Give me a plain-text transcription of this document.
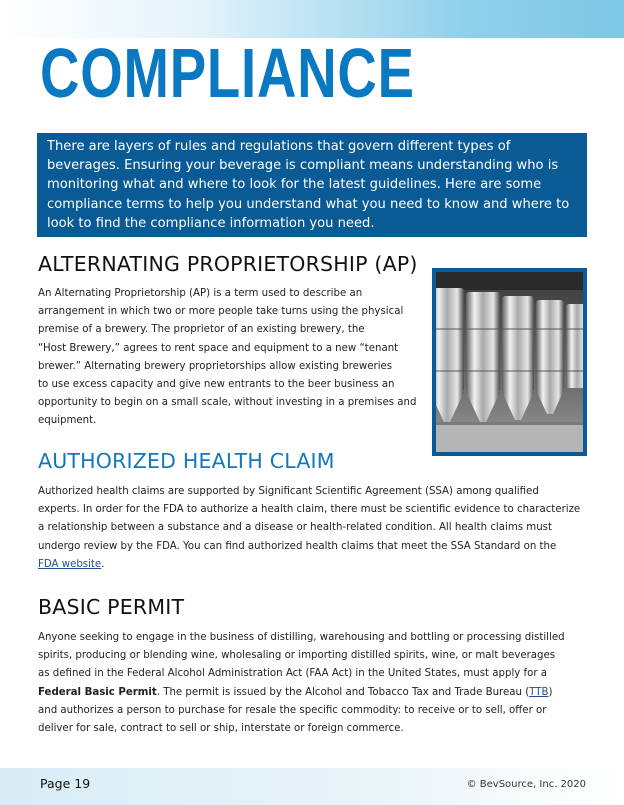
COMPLIANCE
There are layers of rules and regulations that govern different types of beverages. Ensuring your beverage is compliant means understanding who is monitoring what and where to look for the latest guidelines. Here are some compliance terms to help you understand what you need to know and where to look to find the compliance information you need.
ALTERNATING PROPRIETORSHIP (AP)

An Alternating Proprietorship (AP) is a term used to describe an
arrangement in which two or more people take turns using the physical
premise of a brewery. The proprietor of an existing brewery, the
“Host Brewery,” agrees to rent space and equipment to a new “tenant
brewer.” Alternating brewery proprietorships allow existing breweries
to use excess capacity and give new entrants to the beer business an
opportunity to begin on a small scale, without investing in a premises and
equipment.

AUTHORIZED HEALTH CLAIM

Authorized health claims are supported by Significant Scientific Agreement (SSA) among qualified
experts. In order for the FDA to authorize a health claim, there must be scientific evidence to characterize
a relationship between a substance and a disease or health-related condition. All health claims must
undergo review by the FDA. You can find authorized health claims that meet the SSA Standard on the
FDA website.

BASIC PERMIT

Anyone seeking to engage in the business of distilling, warehousing and bottling or processing distilled
spirits, producing or blending wine, wholesaling or importing distilled spirits, wine, or malt beverages
as defined in the Federal Alcohol Administration Act (FAA Act) in the United States, must apply for a
Federal Basic Permit. The permit is issued by the Alcohol and Tobacco Tax and Trade Bureau (TTB)
and authorizes a person to purchase for resale the specific commodity: to receive or to sell, offer or
deliver for sale, contract to sell or ship, interstate or foreign commerce.

Page 19	© BevSource, Inc. 2020
